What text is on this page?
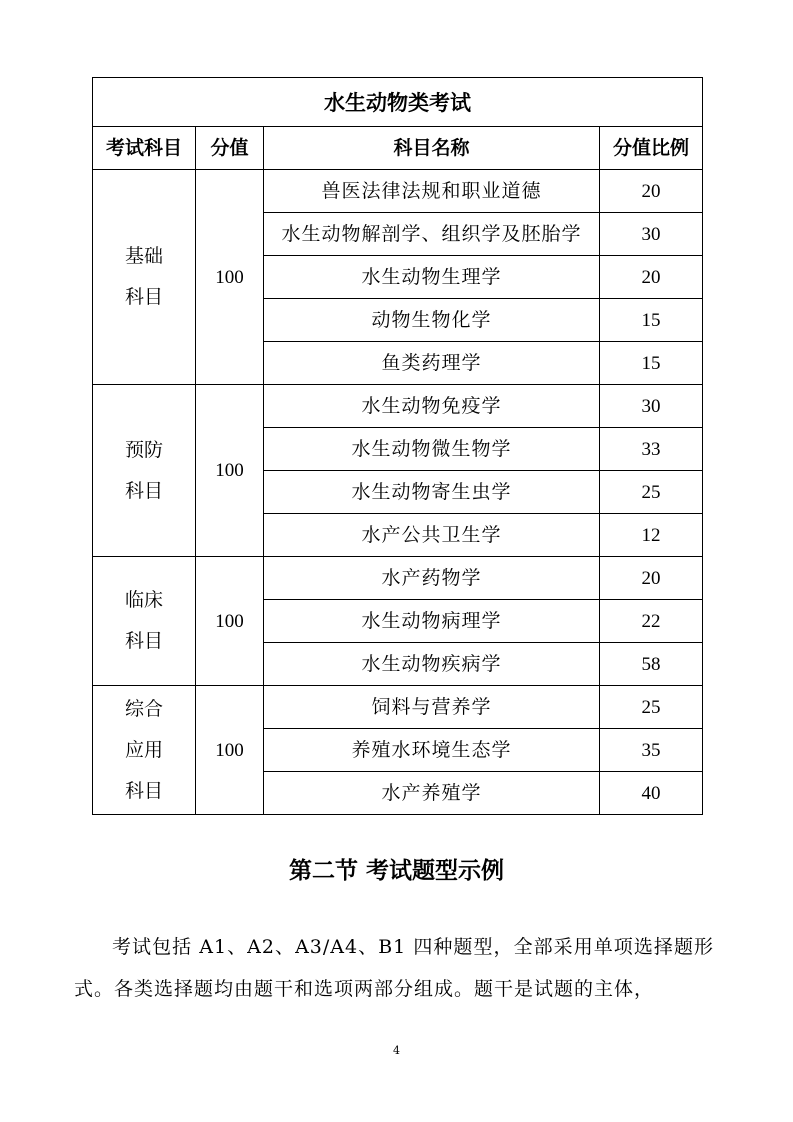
水生动物类考试			
考试科目	分值	科目名称	分值比例

基础
科目	100	兽医法律法规和职业道德	20
		水生动物解剖学、组织学及胚胎学	30
		水生动物生理学	20
		动物生物化学	15
		鱼类药理学	15

预防
科目	100	水生动物免疫学	30
		水生动物微生物学	33
		水生动物寄生虫学	25
		水产公共卫生学	12

临床
科目	100	水产药物学	20
		水生动物病理学	22
		水生动物疾病学	58

综合
应用
科目	100	饲料与营养学	25
		养殖水环境生态学	35
		水产养殖学	40
第二节 考试题型示例

考试包括 A1、A2、A3/A4、B1 四种题型，全部采用单项选择题形式。各类选择题均由题干和选项两部分组成。题干是试题的主体，

4
